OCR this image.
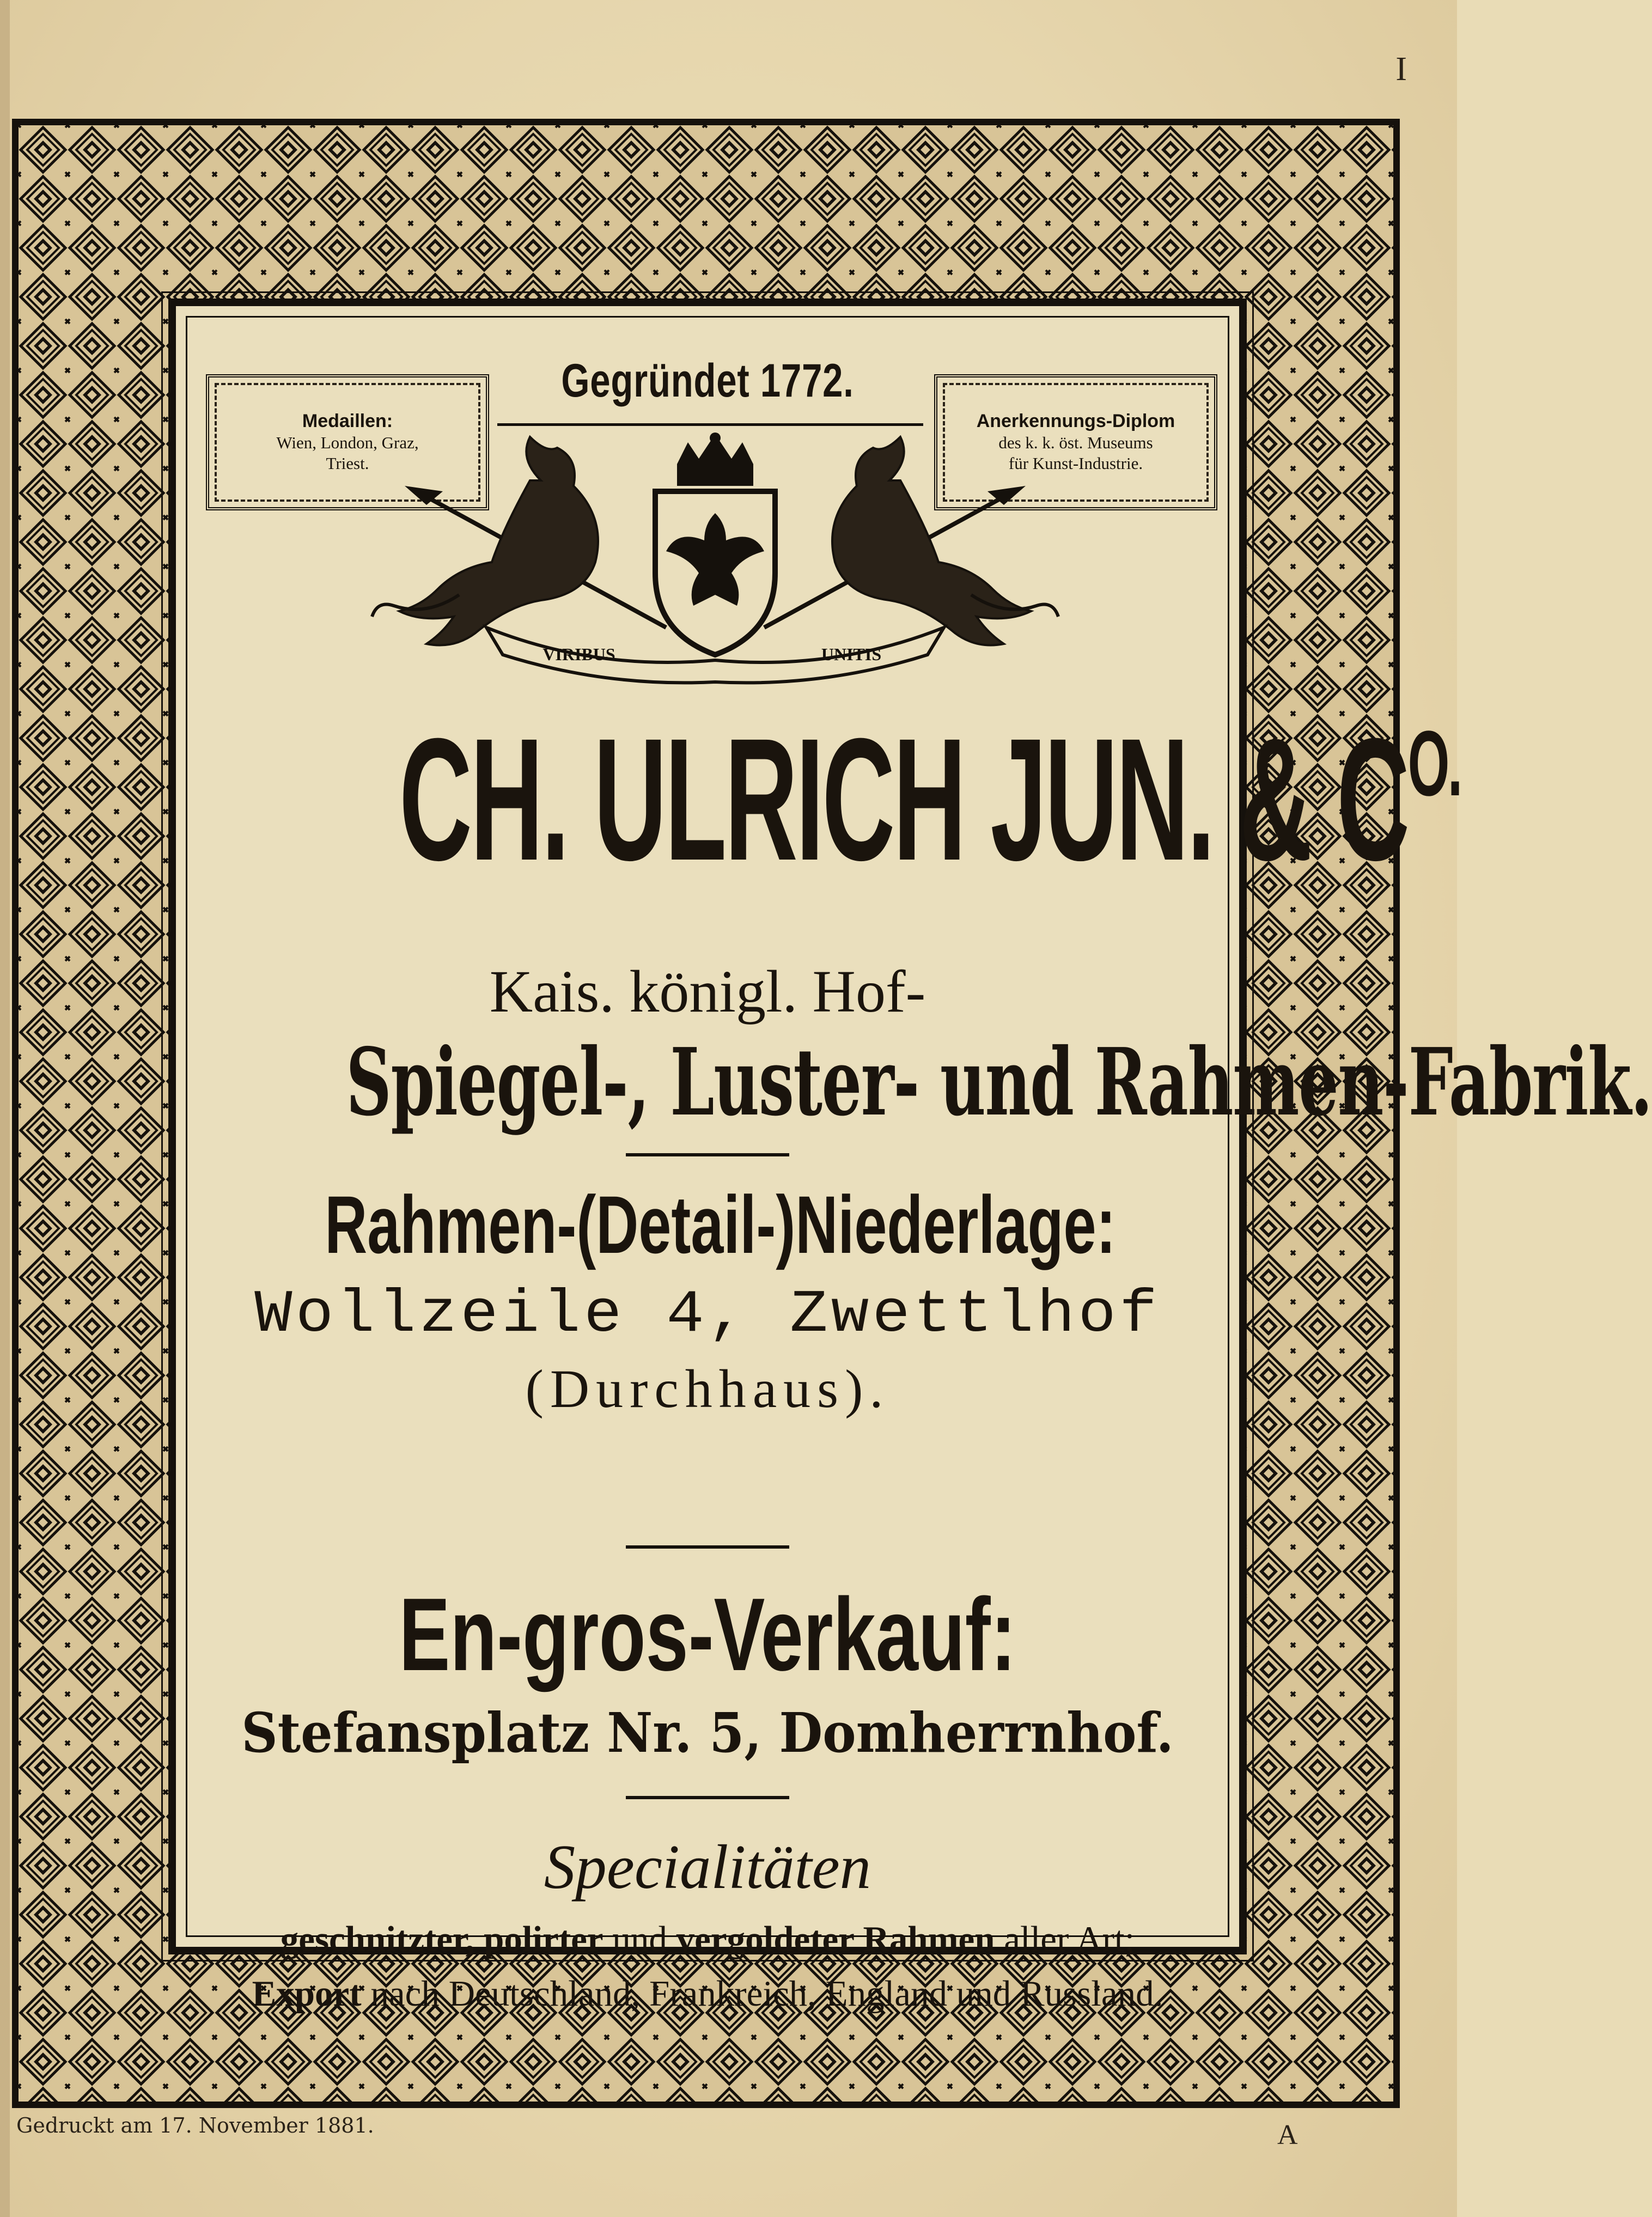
I
Medaillen:
Wien, London, Graz,
Triest.
Gegründet 1772.
Anerkennungs-Diplom
des k. k. öst. Museums
für Kunst-Industrie.
VIRIBUS	UNITIS
CH. ULRICH JUN. & $C^{O.}$
Kais. königl. Hof-
Spiegel-, Luster- und Rahmen-Fabrik.
Rahmen-(Detail-)Niederlage:
Wollzeile 4, Zwettlhof
(Durchhaus).
En-gros-Verkauf:
Stefansplatz Nr. 5, Domherrnhof.
Specialitäten
geschnitzter, polirter und vergoldeter Rahmen aller Art;
Export nach Deutschland, Frankreich, England und Russland.
Gedruckt am 17. November 1881.	A
